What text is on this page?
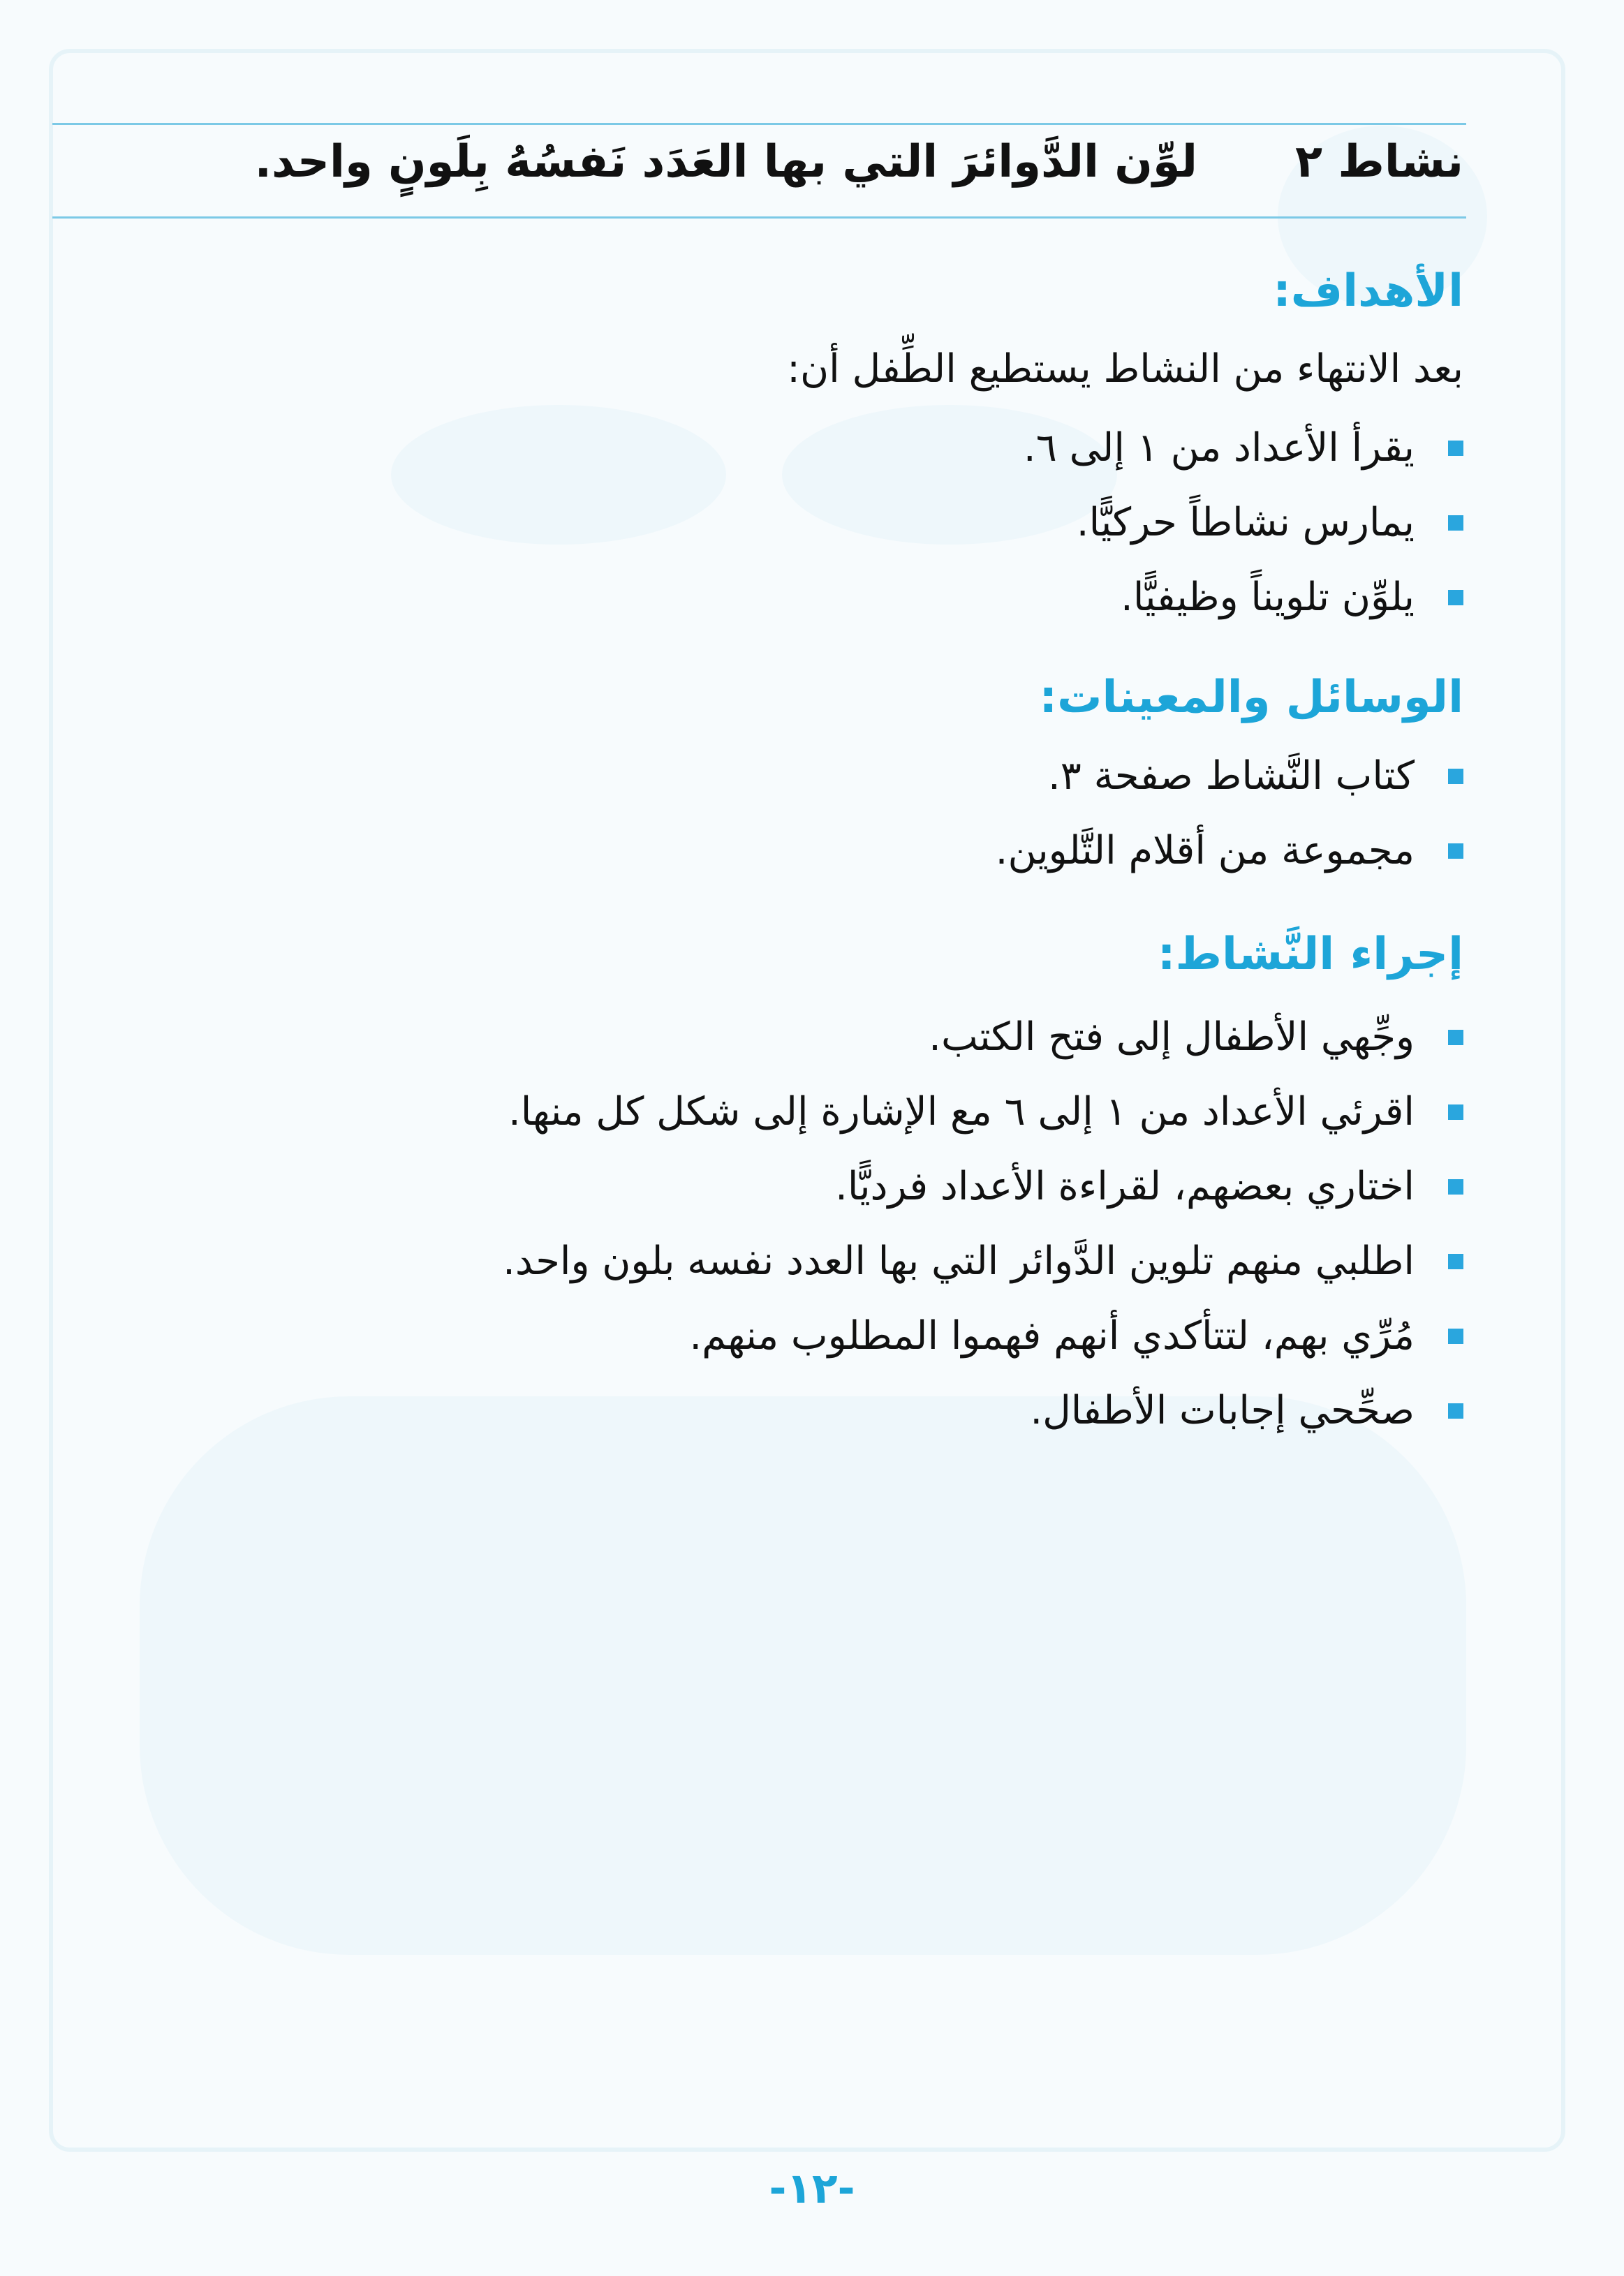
نشاط ٢
لوِّن الدَّوائرَ التي بها العَدَد نَفسُهُ بِلَونٍ واحد.
الأهداف:
بعد الانتهاء من النشاط يستطيع الطِّفل أن:
يقرأ الأعداد من ١ إلى ٦.
يمارس نشاطاً حركيًّا.
يلوِّن تلويناً وظيفيًّا.
الوسائل والمعينات:
كتاب النَّشاط صفحة ٣.
مجموعة من أقلام التَّلوين.
إجراء النَّشاط:
وجِّهي الأطفال إلى فتح الكتب.
اقرئي الأعداد من ١ إلى ٦ مع الإشارة إلى شكل كل منها.
اختاري بعضهم، لقراءة الأعداد فرديًّا.
اطلبي منهم تلوين الدَّوائر التي بها العدد نفسه بلون واحد.
مُرِّي بهم، لتتأكدي أنهم فهموا المطلوب منهم.
صحِّحي إجابات الأطفال.
-١٢-
